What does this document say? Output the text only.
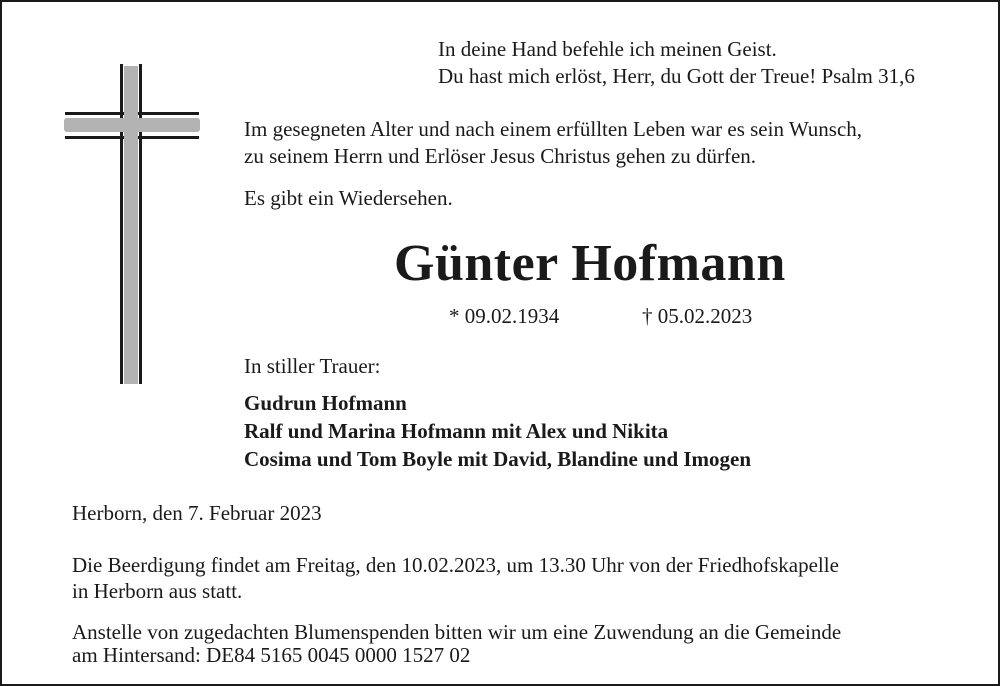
In deine Hand befehle ich meinen Geist.
Du hast mich erlöst, Herr, du Gott der Treue! Psalm 31,6
Im gesegneten Alter und nach einem erfüllten Leben war es sein Wunsch,
zu seinem Herrn und Erlöser Jesus Christus gehen zu dürfen.
Es gibt ein Wiedersehen.
Günter Hofmann
* 09.02.1934	† 05.02.2023
In stiller Trauer:
Gudrun Hofmann
Ralf und Marina Hofmann mit Alex und Nikita
Cosima und Tom Boyle mit David, Blandine und Imogen
Herborn, den 7. Februar 2023
Die Beerdigung findet am Freitag, den 10.02.2023, um 13.30 Uhr von der Friedhofskapelle
in Herborn aus statt.
Anstelle von zugedachten Blumenspenden bitten wir um eine Zuwendung an die Gemeinde
am Hintersand: DE84 5165 0045 0000 1527 02
